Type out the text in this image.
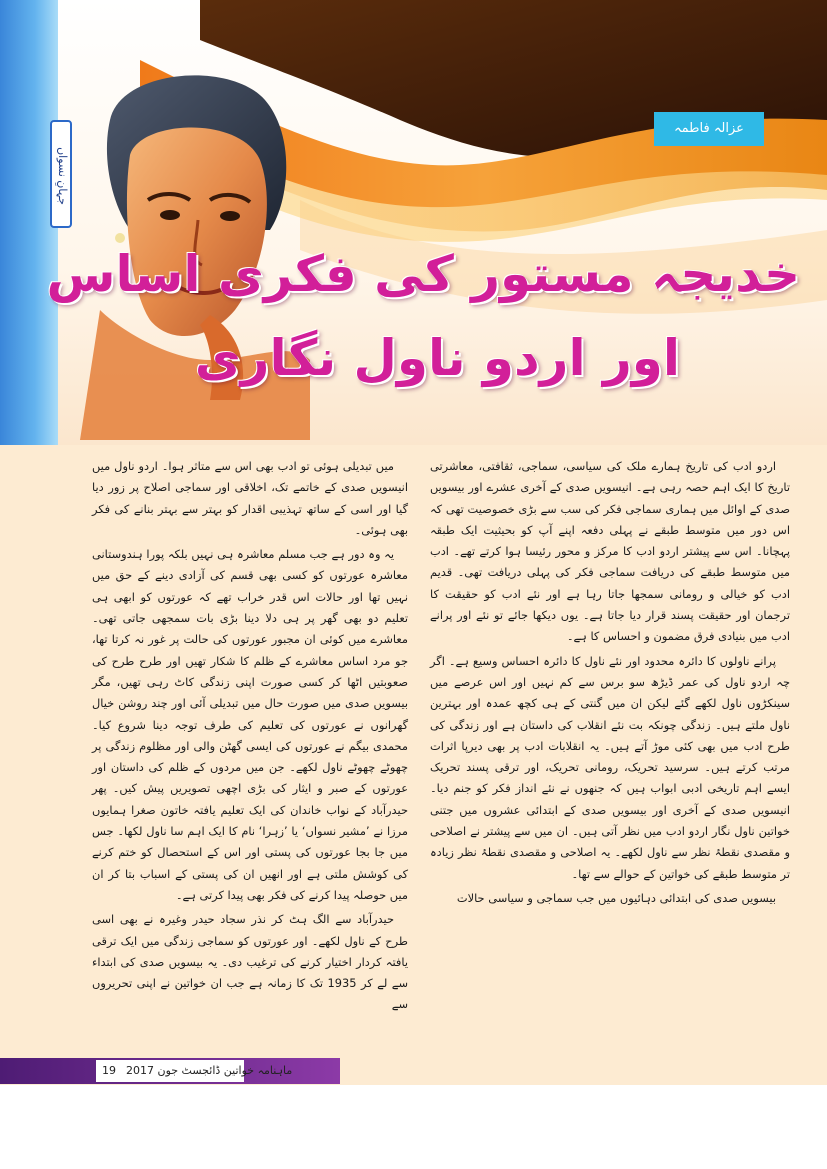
جہانِ نسواں
عزالہ فاطمہ
خدیجہ مستور کی فکری اساس
اور اردو ناول نگاری

اردو ادب کی تاریخ ہمارے ملک کی سیاسی، سماجی، ثقافتی، معاشرتی تاریخ کا ایک اہم حصہ رہی ہے۔ انیسویں صدی کے آخری عشرے اور بیسویں صدی کے اوائل میں ہماری سماجی فکر کی سب سے بڑی خصوصیت تھی کہ اس دور میں متوسط طبقے نے پہلی دفعہ اپنے آپ کو بحیثیت ایک طبقہ پہچانا۔ اس سے پیشتر اردو ادب کا مرکز و محور رئیسا ہوا کرتے تھے۔ ادب میں متوسط طبقے کی دریافت سماجی فکر کی پہلی دریافت تھی۔ قدیم ادب کو خیالی و رومانی سمجھا جاتا رہا ہے اور نئے ادب کو حقیقت کا ترجمان اور حقیقت پسند قرار دیا جاتا ہے۔ یوں دیکھا جائے تو نئے اور پرانے ادب میں بنیادی فرق مضمون و احساس کا ہے۔

پرانے ناولوں کا دائرہ محدود اور نئے ناول کا دائرہ احساس وسیع ہے۔ اگر چہ اردو ناول کی عمر ڈیڑھ سو برس سے کم نہیں اور اس عرصے میں سینکڑوں ناول لکھے گئے لیکن ان میں گنتی کے ہی کچھ عمدہ اور بہترین ناول ملتے ہیں۔ زندگی چونکہ بت نئے انقلاب کی داستان ہے اور زندگی کی طرح ادب میں بھی کئی موڑ آتے ہیں۔ یہ انقلابات ادب پر بھی دیرپا اثرات مرتب کرتے ہیں۔ سرسید تحریک، رومانی تحریک، اور ترقی پسند تحریک ایسے اہم تاریخی ادبی ابواب ہیں کہ جنھوں نے نئے انداز فکر کو جنم دیا۔ انیسویں صدی کے آخری اور بیسویں صدی کے ابتدائی عشروں میں جتنی خواتین ناول نگار اردو ادب میں نظر آتی ہیں۔ ان میں سے پیشتر نے اصلاحی و مقصدی نقطۂ نظر سے ناول لکھے۔ یہ اصلاحی و مقصدی نقطۂ نظر زیادہ تر متوسط طبقے کی خواتین کے حوالے سے تھا۔

بیسویں صدی کی ابتدائی دہائیوں میں جب سماجی و سیاسی حالات

میں تبدیلی ہوئی تو ادب بھی اس سے متاثر ہوا۔ اردو ناول میں انیسویں صدی کے خاتمے تک، اخلاقی اور سماجی اصلاح پر زور دیا گیا اور اسی کے ساتھ تہذیبی اقدار کو بہتر سے بہتر بنانے کی فکر بھی ہوئی۔

یہ وہ دور ہے جب مسلم معاشرہ ہی نہیں بلکہ پورا ہندوستانی معاشرہ عورتوں کو کسی بھی قسم کی آزادی دینے کے حق میں نہیں تھا اور حالات اس قدر خراب تھے کہ عورتوں کو ابھی ہی تعلیم دو بھی گھر پر ہی دلا دینا بڑی بات سمجھی جاتی تھی۔ معاشرے میں کوئی ان مجبور عورتوں کی حالت پر غور نہ کرتا تھا، جو مرد اساس معاشرے کے ظلم کا شکار تھیں اور طرح طرح کی صعوبتیں اٹھا کر کسی صورت اپنی زندگی کاٹ رہی تھیں، مگر بیسویں صدی میں صورت حال میں تبدیلی آئی اور چند روشن خیال گھرانوں نے عورتوں کی تعلیم کی طرف توجہ دینا شروع کیا۔ محمدی بیگم نے عورتوں کی ایسی گھٹن والی اور مظلوم زندگی پر چھوٹے چھوٹے ناول لکھے۔ جن میں مردوں کے ظلم کی داستان اور عورتوں کے صبر و ایثار کی بڑی اچھی تصویریں پیش کیں۔ پھر حیدرآباد کے نواب خاندان کی ایک تعلیم یافتہ خاتون صغرا ہمایوں مرزا نے ’مشیر نسواں‘ یا ’زہرا‘ نام کا ایک اہم سا ناول لکھا۔ جس میں جا بجا عورتوں کی پستی اور اس کے استحصال کو ختم کرنے کی کوشش ملتی ہے اور انھیں ان کی پستی کے اسباب بتا کر ان میں حوصلہ پیدا کرنے کی فکر بھی پیدا کرتی ہے۔

حیدرآباد سے الگ ہٹ کر نذر سجاد حیدر وغیرہ نے بھی اسی طرح کے ناول لکھے۔ اور عورتوں کو سماجی زندگی میں ایک ترقی یافتہ کردار اختیار کرنے کی ترغیب دی۔ یہ بیسویں صدی کی ابتداء سے لے کر 1935 تک کا زمانہ ہے جب ان خواتین نے اپنی تحریروں سے

19 ماہنامہ خواتین ڈائجسٹ جون 2017
